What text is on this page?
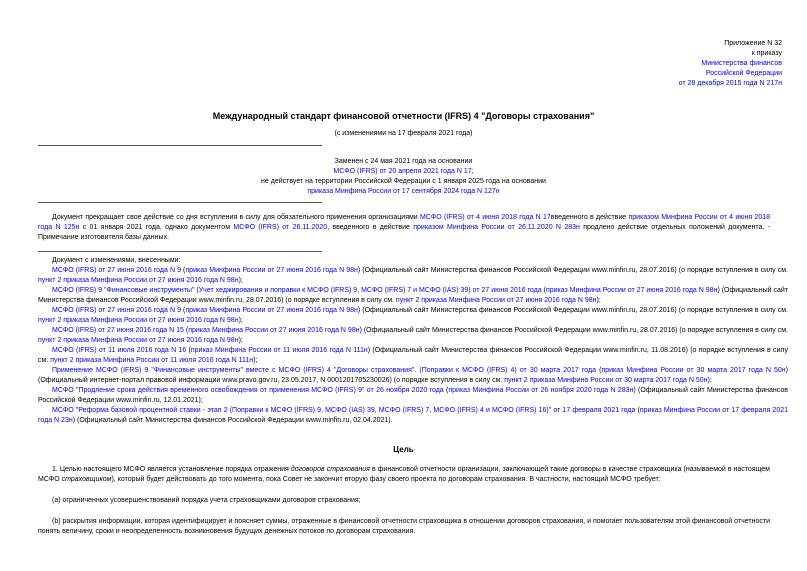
Приложение N 32
к приказу
Министерства финансов
Российской Федерации
от 28 декабря 2015 года N 217н
Международный стандарт финансовой отчетности (IFRS) 4 "Договоры страхования"
(с изменениями на 17 февраля 2021 года)
Заменен с 24 мая 2021 года на основании
МСФО (IFRS) от 20 апреля 2021 года N 17;
не действует на территории Российской Федерации с 1 января 2025 года на основании
приказа Минфина России от 17 сентября 2024 года N 127н
Документ прекращает свое действие со дня вступления в силу для обязательного применения организациями МСФО (IFRS) от 4 июня 2018 года N 17введенного в действие приказом Минфина России от 4 июня 2018 года N 125н с 01 января 2021 года, однако документом МСФО (IFRS) от 26.11.2020, введенного в действие приказом Минфина России от 26.11.2020 N 283н продлено действие отдельных положений документа. - Примечание изготовителя базы данных.
Документ с изменениями, внесенными:
МСФО (IFRS) от 27 июня 2016 года N 9 (приказ Минфина России от 27 июня 2016 года N 98н) (Официальный сайт Министерства финансов Российской Федерации www.minfin.ru, 28.07.2016) (о порядке вступления в силу см. пункт 2 приказа Минфина России от 27 июня 2016 года N 98н);
МСФО (IFRS) 9 "Финансовые инструменты" (Учет хеджирования и поправки к МСФО (IFRS) 9, МСФО (IFRS) 7 и МСФО (IAS) 39) от 27 июня 2016 года (приказ Минфина России от 27 июня 2016 года N 98н) (Официальный сайт Министерства финансов Российской Федерации www.minfin.ru, 28.07.2016) (о порядке вступления в силу см. пункт 2 приказа Минфина России от 27 июня 2016 года N 98н);
МСФО (IFRS) от 27 июня 2016 года N 9 (приказ Минфина России от 27 июня 2016 года N 98н) (Официальный сайт Министерства финансов Российской Федерации www.minfin.ru, 28.07.2016) (о порядке вступления в силу см. пункт 2 приказа Минфина России от 27 июня 2016 года N 98н);
МСФО (IFRS) от 27 июня 2016 года N 15 (приказ Минфина России от 27 июня 2016 года N 98н) (Официальный сайт Министерства финансов Российской Федерации www.minfin.ru, 28.07.2016) (о порядке вступления в силу см. пункт 2 приказа Минфина России от 27 июня 2016 года N 98н);
МСФО (IFRS) от 11 июля 2016 года N 16 (приказ Минфина России от 11 июля 2016 года N 111н) (Официальный сайт Министерства финансов Российской Федерации www.minfin.ru, 11.08.2016) (о порядке вступления в силу см. пункт 2 приказа Минфина России от 11 июля 2016 года N 111н);
Применение МСФО (IFRS) 9 "Финансовые инструменты" вместе с МСФО (IFRS) 4 "Договоры страхования". (Поправки к МСФО (IFRS) 4) от 30 марта 2017 года (приказ Минфина России от 30 марта 2017 года N 50н) (Официальный интернет-портал правовой информации www.pravo.gov.ru, 23.05.2017, N 0001201705230026) (о порядке вступления в силу см. пункт 2 приказа Минфина России от 30 марта 2017 года N 50н);
МСФО "Продление срока действия временного освобождения от применения МСФО (IFRS) 9" от 26 ноября 2020 года (приказ Минфина России от 26 ноября 2020 года N 283н) (Официальный сайт Министерства финансов Российской Федерации www.minfin.ru, 12.01.2021);
МСФО "Реформа базовой процентной ставки - этап 2 (Поправки к МСФО (IFRS) 9, МСФО (IAS) 39, МСФО (IFRS) 7, МСФО (IFRS) 4 и МСФО (IFRS) 16)" от 17 февраля 2021 года (приказ Минфина России от 17 февраля 2021 года N 23н) (Официальный сайт Министерства финансов Российской Федерации www.minfin.ru, 02.04.2021).
Цель
1. Целью настоящего МСФО является установление порядка отражения договоров страхования в финансовой отчетности организации, заключающей такие договоры в качестве страховщика (называемой в настоящем МСФО страховщиком), который будет действовать до того момента, пока Совет не закончит вторую фазу своего проекта по договорам страхования. В частности, настоящий МСФО требует:
(a) ограниченных усовершенствований порядка учета страховщиками договоров страхования;
(b) раскрытия информации, которая идентифицирует и поясняет суммы, отраженные в финансовой отчетности страховщика в отношении договоров страхования, и помогает пользователям этой финансовой отчетности понять величину, сроки и неопределенность возникновения будущих денежных потоков по договорам страхования.
